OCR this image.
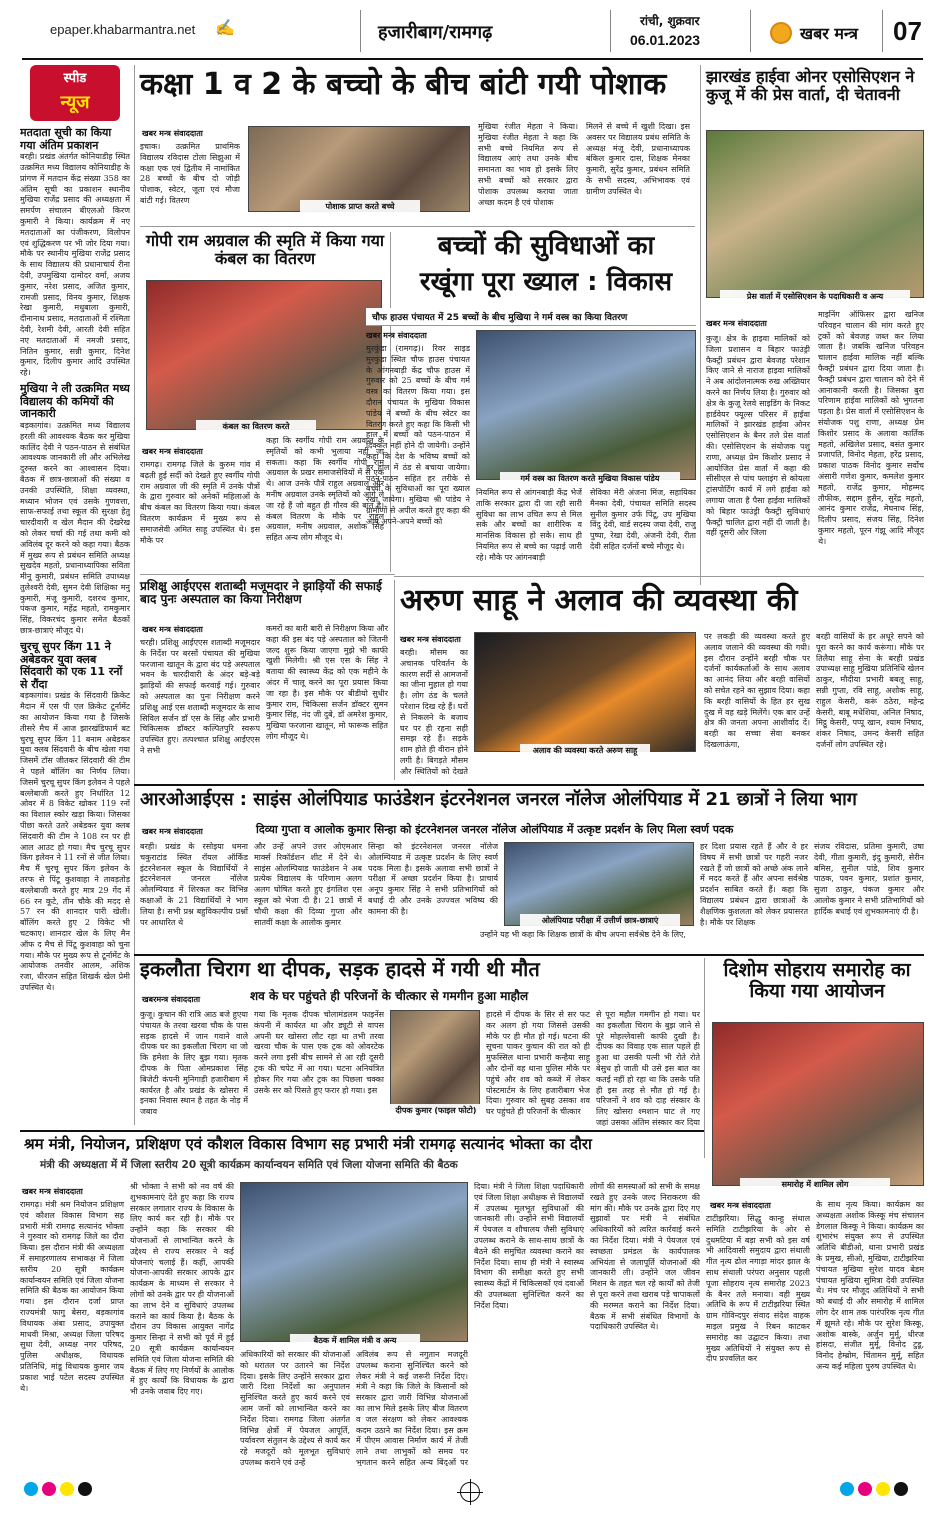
epaper.khabarmantra.net ✍	हजारीबाग/रामगढ़
रांची, शुक्रवार
06.01.2023	खबर मन्त्र 07
स्पीड
न्यूज
मतदाता सूची का किया गया अंतिम प्रकाशन
बरही। प्रखंड अंतर्गत कोनियाडीह स्थित उत्क्रमित मध्य विद्यालय कोनियाडीह के प्रांगण में मतदान केंद्र संख्या 358 का अंतिम सूची का प्रकाशन स्थानीय मुखिया राजेंद्र प्रसाद की अध्यक्षता में समर्पण संचालन बीएलओ किरण कुमारी ने किया। कार्यक्रम में नए मतदाताओं का पंजीकरण, विलोपन एवं शुद्धिकरण पर भी जोर दिया गया। मौके पर स्थानीय मुखिया राजेंद्र प्रसाद के साथ विद्यालय की प्रधानाचार्य रीना देवी, उपमुखिया दामोदर वर्मा, अजय कुमार, नरेश प्रसाद, अजित कुमार, रामजी प्रसाद, विनय कुमार, शिक्षक रेखा कुमारी, मधुबाला कुमारी, दीनानाथ प्रसाद, मतदाताओं में रश्मिता देवी, रेशमी देवी, आरती देवी सहित नए मतदाताओं में नमजी प्रसाद, नितिन कुमार, सन्नी कुमार, दिनेश कुमार, दिलीप कुमार आदि उपस्थित रहे।
मुखिया ने ली उत्क्रमित मध्य विद्यालय की कमियों की जानकारी
बड़कागांव। उत्क्रमित मध्य विद्यालय हरली की आवश्यक बैठक कर मुखिया कालिंद देवी ने पठन-पाठन से संबंधित आवश्यक जानकारी ली और अभिलेख दुरुस्त करने का आश्वासन दिया। बैठक में छात्र-छात्राओं की संख्या व उनकी उपस्थिति, शिक्षा व्यवस्था, मध्यान भोजन एवं उसके गुणवत्ता, साफ-सफाई तथा स्कूल की सुरक्षा हेतु चारदीवारी व खेल मैदान की देखरेख को लेकर चर्चा की गई तथा कमी को अविलंब दूर करने को कहा गया। बैठक में मुख्य रूप से प्रबंधन समिति अध्यक्ष सुखदेव महतो, प्रधानाध्यापिका सविता मीनू कुमारी, प्रबंधन समिति उपाध्यक्ष तुलेश्वरी देवी, सुमन देवी शिक्षिका मनु कुमारी, मंजू कुमारी, दशरथ कुमार, पंकज कुमार, महेंद्र महतो, रामकुमार सिंह, विकरचंद कुमार समेत बैठकों छात्र-छात्राएं मौजूद थे।
चुरचू सुपर किंग 11 ने अबेडकर युवा क्लब सिंदवारी को एक 11 रनों से रौंदा
बड़कागांव। प्रखंड के सिंदवारी क्रिकेट मैदान में एस पी एल क्रिकेट टूर्नामेंट का आयोजन किया गया है जिसके तीसरे मैच में आज झारखंडिफार्म बट चुरचू सुपर किंग 11 बनाम अबेडकर युवा क्लब सिंदवारी के बीच खेला गया जिसमें टॉस जीतकर सिंदवारी की टीम ने पहले बॉलिंग का निर्णय लिया। जिसमें चुरचू सुपर किंग इलेवन ने पहले बल्लेबाजी करते हुए निर्धारित 12 ओवर में 8 विकेट खोकर 119 रनों का विशाल स्कोर खड़ा किया। जिसका पीछा करते उतरे अबेडकर युवा क्लब सिंदवारी की टीम ने 108 रन पर ही आल आउट हो गया। मैच चुरचू सुपर किंग इलेवन ने 11 रनों से जीत लिया। मैच मैं चुरचू सुपर किंग इलेवन के तरफ से पिंटू कुशवाहा ने तावड़तोड़ बल्लेबाजी करते हुए मात्र 29 गेंद में 66 रन कूटे, तीन चौके की मदद से 57 रन की शानदार पारी खेली। बॉलिंग करते हुए 2 विकेट भी चटकाए। शानदार खेल के लिए मैन ऑफ द मैच से पिंटू कुशवाहा को चुना गया। मौके पर मुख्य रूप से टूर्नामेंट के आयोजक तनवीर आलम, अशिक रजा, धीरजन सहित शिखर्क खेल प्रेमी उपस्थित थे।
कक्षा 1 व 2 के बच्चो के बीच बांटी गयी पोशाक
खबर मन्त्र संवाददाता
इचाक। उत्क्रमित प्राथमिक विद्यालय रविदास टोला सिझुआ में कक्षा एक एवं द्वितीय में नामांकित 28 बच्चों के बीच दो जोड़ी पोशाक, स्वेटर, जूता एवं मौजा बांटी गई। वितरण
पोशाक प्राप्त करते बच्चे
मुखिया रंजीत मेहता ने किया। मुखिया रंजीत मेहता ने कहा कि सभी बच्चे नियमित रूप से विद्यालय आएं तथा उनके बीच समानता का भाव हो इसके लिए सभी बच्चों को सरकार द्वारा पोशाक उपलब्ध कराया जाता अच्छा कदम है एवं पोशाक
मिलने से बच्चे में खुशी दिखा। इस अवसर पर विद्यालय प्रबंध समिति के अध्यक्ष मंजू देवी, प्रधानाध्यापक बंकिल कुमार दास, शिक्षक मेनका कुमारी, सुरेंद्र कुमार, प्रबंधन समिति के सभी सदस्य, अभिभावक एवं ग्रामीण उपस्थित थे।
गोपी राम अग्रवाल की स्मृति में किया गया कंबल का वितरण
कंबल का वितरण करते
खबर मन्त्र संवाददाता
रामगढ़। रामगढ़ जिले के कुरुम गांव में बढ़ती हुई सर्दी को देखते हुए स्वर्गीय गोपी राम अग्रवाल जी की स्मृति में उनके पौत्रों के द्वारा गुरुवार को अनेकों महिलाओं के बीच कंबल का वितरण किया गया। कंबल वितरण कार्यक्रम में मुख्य रूप से समाजसेवी अमित साहू उपस्थित थे। इस मौके पर
कहा कि स्वर्गीय गोपी राम अग्रवाल के स्मृतियों को कभी भुलाया नहीं जा सकता। कहा कि स्वर्गीय गोपी राम अग्रवाल के प्रखर समाजसेवियों में से एक थे। आज उनके पौत्रें राहुल अग्रवाल और मनीष अग्रवाल उनके स्मृतियों को आगे ले जा रहे हैं जो बहुत ही गौरव की बात है। कंबल वितरण के मौके पर राहुल अग्रवाल, मनीष अग्रवाल, अशोक सिंह सहित अन्य लोग मौजूद थे।
बच्चों की सुविधाओं का
रखूंगा पूरा ख्याल : विकास
चौफ हाउस पंचायत में 25 बच्चों के बीच मुखिया ने गर्म वस्त्र का किया वितरण
खबर मन्त्र संवाददाता
मुरकुंडा (रामगढ़)। रिवर साइड मुरकुंडा स्थित चौफ हाउस पंचायत के आंगनबाड़ी केंद्र चौफ हाउस में गुरुवार को 25 बच्चों के बीच गर्म वस्त्र का वितरण किया गया। इस दौरान पंचायत के मुखिया विकास पांडेय ने बच्चों के बीच स्वेटर का वितरण करते हुए कहा कि किसी भी हाल में बच्चों को पठन-पाठन में दिक्कत नहीं होने दी जायेगी। उन्होंने कहा कि देश के भविष्य बच्चों को हर हाल में ठंड से बचाया जायेगा। पठन-पाठन सहित हर तरीके से बच्चों के सुविधाओं का पूरा ख्याल रखा जायेगा। मुखिया श्री पांडेय ने ग्रामीणों से अपील करते हुए कहा की आप अपने-अपने बच्चों को
गर्म वस्त्र का वितरण करते मुखिया विकास पांडेय
नियमित रूप से आंगनबाड़ी केंद्र भेजें ताकि सरकार द्वारा दी जा रही सारी सुविधा का लाभ उचित रूप से मिल सके और बच्चों का शारीरिक व मानसिक विकास हो सके। साथ ही नियमित रूप से बच्चे का पढ़ाई जारी रहे। मौके पर आंगनबाड़ी
सेविका मेरी अंजना मिंज, सहायिका मैनका देवी, पंचायत समिति सदस्य सुनील कुमार उर्फ पिंटू, उप मुखिया विंदु देवी, वार्ड सदस्य जया देवी, राजु पुष्पा, रेखा देवी, अंजनी देवी, रीता देवी सहित दर्जनों बच्चे मौजूद थे।
झारखंड हाईवा ओनर एसोसिएशन ने कुजू में की प्रेस वार्ता, दी चेतावनी
प्रेस वार्ता में एसोसिएशन के पदाधिकारी व अन्य
खबर मन्त्र संवाददाता
कुजू। क्षेत्र के हाइवा मालिकों को जिला प्रशासन व बिहार फाउंड्री फैक्ट्री प्रबंधन द्वारा बेवजह परेशान किए जाने से नाराज हाइवा मालिकों ने अब आंदोलनात्मक रुख अख्तियार करने का निर्णय लिया है। गुरुवार को क्षेत्र के कुजू रेलवे साइडिंग के निकट हार्डवेयर फ्यूल्स परिसर में हाईवा मालिकों ने झारखंड हाईवा ओनर एसोसिएशन के बैनर तले प्रेस वार्ता की। एसोसिएशन के संयोजक पशु राणा, अध्यक्ष प्रेम किशोर प्रसाद ने आयोजित प्रेस वार्ता में कहा की सीसीएल से पांच फ्लाइंग से कोयला ट्रांसपोर्टिंग कार्य में लगे हाईवा को लगाया जाता है पैसा हाईवा मालिकों को बिहार फाउंड्री फैक्ट्री सुविधाएं फैक्ट्री चालित द्वारा नहीं दी जाती है। वहीं दूसरी ओर जिला
माइनिंग ऑफिसर द्वारा खनिज परिवहन चालान की मांग करते हुए ट्रकों को बेवजह जब्त कर लिया जाता है। जबकि खनिज परिवहन चालान हाईवा मालिक नहीं बल्कि फैक्ट्री प्रबंधन द्वारा दिया जाता है। फैक्ट्री प्रबंधन द्वारा चालान को देने में आनाकानी करती है। जिसका बुरा परिणाम हाईवा मालिकों को भुगतना पड़ता है। प्रेस वार्ता में एसोसिएशन के संयोजक पशु राणा, अध्यक्ष प्रेम किशोर प्रसाद के अलावा कार्तिक महतो, अखिलेश प्रसाद, बसंत कुमार प्रजापति, विनोद मेहता, हरेंद्र प्रसाद, प्रकाश पाठक विनोद कुमार सर्वोच अंसारी गणेश कुमार, कमलेश कुमार महतो, राजेंद्र कुमार, मोहम्मद तौफीक, सद्दाम हुसैन, सुरेंद्र महतो, आनंद कुमार राजेंद्र, मेघनाथ सिंह, दिलीप प्रसाद, संजय सिंह, दिनेश कुमार महतो, पूरन गंझू आदि मौजूद थे।
प्रशिक्षु आईएएस शताब्दी मजूमदार ने झाड़ियों की सफाई बाद पुनः अस्पताल का किया निरीक्षण
खबर मन्त्र संवाददाता
चरही। प्रशिक्षु आईएएस शताब्दी मजूमदार के निर्देश पर बरसों पंचायत की मुखिया फरजाना खातून के द्वारा बंद पड़े अस्पताल भवन के चारदीवारी के अंदर बड़े-बड़े झाड़ियों की सफाई करवाई गई। गुरुवार को अस्पताल का पुनः निरीक्षण करने प्रशिक्षु आई एस शताब्दी मजूमदार के साथ सिविल सर्जन डॉ एस के सिंह और प्रभारी चिकित्सक डॉक्टर कल्पितपुरि स्वरूप उपस्थित हुए। तत्पश्चात प्रशिक्षु आईएएस ने सभी
कमरों का बारी बारी से निरीक्षण किया और कहा की इस बंद पड़े अस्पताल को जितनी जल्द शुरू किया जाएगा मुझे भी काफी खुशी मिलेगी। श्री एस एस के सिंह ने बताया की स्वास्थ्य केंद्र को एक महीने के अंदर में चालू करने का पूरा प्रयास किया जा रहा है। इस मौके पर बीडीयो सुधीर कुमार राम, चिकित्सा सर्जन डॉक्टर सुमन कुमार सिंह, नंद जी दुबे, डॉ अमरेश कुमार, मुखिया फरजाना खातून, मो फारूक सहित लोग मौजूद थे।
अरुण साहू ने अलाव की व्यवस्था की
खबर मन्त्र संवाददाता
बरही। मौसम का अचानक परिवर्तन के कारण सर्दी से आमजनों का जीना मुहाल हो गया है। लोग ठंड के चलते परेशान दिख रहे हैं। घरों से निकलने के बजाय घर पर ही रहना सही समझ रहे हैं। सड़के शाम होते ही वीरान होने लगी है। बिगड़ते मौसम और स्थितियों को देखते
अलाव की व्यवस्था करते अरुण साहू
पर लकड़ी की व्यवस्था करते हुए अलाव जलाने की व्यवस्था की गयी। इस दौरान उन्होंने बरही चौक पर दर्जनों कार्यकर्ताओं के साथ अलाव का आनंद लिया और बरही वासियों को सचेत रहने का सुझाव दिया। कहा कि बरही वासियों के हित हर सुख दुख में वह खड़े मिलेंगे। एक बार उन्हें क्षेत्र की जनता अपना आशीर्वाद दें। बरही का सच्चा सेवा बनकर दिखलाऊंगा,
बरही वासियों के हर अधूरे सपने को पूरा करने का कार्य करूंगा। मौके पर तिलैया साहू सेना के बरही प्रखंड उपाध्यक्ष साहू मुखिया प्रतिनिधि खेलन ठाकुर, मौदीया प्रभारी बबलू साहू, सन्नी गुप्ता, रवि साहू, अशोक साहू, राहुल केसरी, करूं ठठेरा, महेन्द्र केसरी, बाबू मधेशिया, अनिल निषाद, मिट्ठू केसरी, पप्पू खान, श्याम निषाद, शंकर निषाद, उमन्द केसरी सहित दर्जनों लोग उपस्थित रहे।
आरओआईएस : साइंस ओलंपियाड फाउंडेशन इंटरनेशनल जनरल नॉलेज ओलंपियाड में 21 छात्रों ने लिया भाग
खबर मन्त्र संवाददाता	दिव्या गुप्ता व आलोक कुमार सिन्हा को इंटरनेशनल जनरल नॉलेज ओलंपियाड में उत्कृष्ट प्रदर्शन के लिए मिला स्वर्ण पदक
बरही। प्रखंड के रसोइया धमना चकुराटांड स्थित रॉयल ऑर्किड इंटरनेशनल स्कूल के विद्यार्थियों ने इंटरनेशनल जनरल नॉलेज ओलम्पियाड में शिरकत कर विभिन्न कक्षाओं के 21 विद्यार्थियों ने भाग लिया है। सभी प्रश्न बहुविकल्पीय प्रश्नों पर आधारित थे
और उन्हें अपने उत्तर ओएमआर मार्क्स रिकॉर्डशन शीट में देने थे। साइंस ओलम्पियाड फाउंडेशन ने अब प्रत्येक विद्यालय के परिणाम अलग अलग घोषित करते हुए इंगलिश एस स्कूल को भेजा दी है। 21 छात्रों में चौथी कक्षा की दिव्या गुप्ता और सातवीं कक्षा के आलोक कुमार
सिन्हा को इंटरनेशनल जनरल नॉलेज ओलम्पियाड में उत्कृष्ट प्रदर्शन के लिए स्वर्ण पदक मिला है। इसके अलावा सभी छात्रों ने परीक्षा में अच्छा प्रदर्शन किया है। प्राचार्य अनूप कुमार सिंह ने सभी प्रतिभागियों को बधाई दी और उनके उज्ज्वल भविष्य की कामना की है।
ओलंपियाड परीक्षा में उत्तीर्ण छात्र-छात्राएं
उन्होंने यह भी कहा कि शिक्षक छात्रों के बीच अपना सर्वश्रेष्ठ देने के लिए,
हर दिशा प्रयास रहते हैं और वे हर विषय में सभी छात्रों पर गहरी नजर रखते हैं जो छात्रों को अच्छे अंक लाने में मदद करते हैं और अपना सर्वश्रेष्ठ प्रदर्शन साबित करते हैं। कहा कि विद्यालय प्रबंधन द्वारा छात्राओं के शैक्षणिक कुशलता को लेकर प्रयासरत है। मौके पर शिक्षक
संजय रविदास, प्रतिमा कुमारी, उषा देवी, गीता कुमारी, इंदु कुमारी, सेरीन बमिस, सुनील पांडे, शिव कुमार पाठक, पवन कुमार, प्रशांत कुमार, सुजा ठाकुर, पंकज कुमार और आलोक कुमार ने सभी प्रतिभागियों को हार्दिक बधाई एवं शुभकामनाएं दी है।
इकलौता चिराग था दीपक, सड़क हादसे में गयी थी मौत
खबरमन्त्र संवाददाता	शव के घर पहुंचते ही परिजनों के चीत्कार से गमगीन हुआ माहौल
कुजू। कुचान की रात्रि आठ बजे हुएया पंचायत के तरवा खरवा चौक के पास सड़क हादसे में जान गवाने वाले दीपक घर का इकलौता चिराग था जो कि हमेशा के लिए बुझ गया। मृतक दीपक के पिता ओमप्रकाश सिंह बिजेटी कंपनी मुनिगाड़ी हजारीबाग में कार्यरत है और प्रखंड के खोसरा में इनका निवास स्थान है तहत के नोड़ में जबाव
गया कि मृतक दीपक चोलामंडलम फाइनेंस कंपनी में कार्यरत था और ड्यूटी से वापस अपनी घर खोसरा लौट रहा था तभी तरवा खरवा चौक के पास एक ट्रक को ओवरटेक करने लगा इसी बीच सामने से आ रही दूसरी ट्रक की चपेट में आ गया। घटना अनियंत्रित होकर गिर गया और ट्रक का पिछला चक्का उसके सर को पिसते हुए फरार हो गया। इस
दीपक कुमार (फाइल फोटो)
हादसे में दीपक के सिर से सर फट कर अलग हो गया जिससे उसकी मौके पर ही मौत हो गई। घटना की सूचना पाकर कुचान की रात को ही मुफस्सिल थाना प्रभारी कन्हैया साहू और दोनों वह थाना पुलिस मौके पर पहुंचे और शव को कब्जे में लेकर पोस्टमार्टम के लिए हजारीबाग भेज दिया। गुरुवार को सुबह उसका शव घर पहुंचते ही परिजनों के चीत्कार
से पूरा महौल गमगीन हो गया। घर का इकलौता चिराग के बुझ जाने से पूरे मोहल्लेवासी काफी दुखी है। दीपक का विवाह एक साल पहले ही हुआ था उसकी पत्नी भी रोते रोते बेसुध हो जाती थी उसे इस बात का कतई नहीं हो रहा था कि उसके पति ही इस तरह से मौत हो गई है। परिजनों ने शव को दाह संस्कार के लिए खोसरा श्मशान घाट ले गए जहां उसका अंतिम संस्कार कर दिया
दिशोम सोहराय समारोह का किया गया आयोजन
समारोह में शामिल लोग
खबर मन्त्र संवाददाता
टाटीझरिया। सिद्धु कान्हु संथाल समिति टाटीझरिया के ओर से दुधमटिया में बड़ा सभी को इस वर्ष भी आदिवासी समुदाय द्वारा संथाली गीत नृत्य ढोल नगाड़ा मांदर झाल के साथ संथाली परंपरा अनुसार पहली पूजा सोहराय नृत्य समारोह 2023 के बैनर तले मनाया। वही मुख्य अतिथि के रूप में टाटीझरिया स्थित ग्राम गोविन्दपुर संवाद संदेश वाहक माइल प्रमुख ने रिबन काटकर समारोह का उद्घाटन किया। तथा मुख्य अतिथियों ने संयुक्त रूप से दीप प्रज्वलित कर
के साथ नृत्य किया। कार्यक्रम का अध्यक्षता अशोक किस्कू मंच संचालन डेगलाल किस्कू ने किया। कार्यक्रम का शुभारंभ संयुक्त रूप से उपस्थित अतिथि बीडीओ, थाना प्रभारी प्रखंड के प्रमुख, सीओ, मुखिया, टाटीझरिया पंचायत मुखिया सुरेश यादव बेडम पंचायत मुखिया सुमित्रा देवी उपस्थित थे। मंच पर मौजूद अतिथियों ने सभी को बधाई दी और समारोह में शामिल लोग देर शाम तक पारंपरिक नृत्य गीत में झूमते रहे। मौके पर सुरेश किस्कू, अशोक बास्के, अर्जुन मुर्मू, धीरज हांसदा, संजीत मुर्मू, विनोद टुडू, विनोद हेम्ब्रोम, चिंतामन मुर्मू, सहित अन्य कई महिला पुरुष उपस्थित थे।
श्रम मंत्री, नियोजन, प्रशिक्षण एवं कौशल विकास विभाग सह प्रभारी मंत्री रामगढ़ सत्यानंद भोक्ता का दौरा
मंत्री की अध्यक्षता में में जिला स्तरीय 20 सूत्री कार्यक्रम कार्यान्वयन समिति एवं जिला योजना समिति की बैठक
खबर मन्त्र संवाददाता
रामगढ़। मंत्री श्रम नियोजन प्रशिक्षण एवं कौशल विकास विभाग सह प्रभारी मंत्री रामगढ़ सत्यानंद भोक्ता ने गुरुवार को रामगढ़ जिले का दौरा किया। इस दौरान मंत्री की अध्यक्षता में समाहरणालय सभाकक्ष में जिला स्तरीय 20 सूत्री कार्यक्रम कार्यान्वयन समिति एवं जिला योजना समिति की बैठक का आयोजन किया गया। इस दौरान दर्जा प्राप्त राज्यमंत्री फागु बेसरा, बड़कागांव विधायक अंबा प्रसाद, उपायुक्त माधवी मिश्रा, अध्यक्ष जिला परिषद सुधा देवी, अध्यक्ष नगर परिषद, पुलिस अधीक्षक, विधायक प्रतिनिधि, मांडू विधायक कुमार जय प्रकाश भाई पटेल सदस्य उपस्थित थे।
श्री भोक्ता ने सभी को नव वर्ष की शुभकामनाएं देते हुए कहा कि राज्य सरकार लगातार राज्य के विकास के लिए कार्य कर रही है। मौके पर उन्होंने कहा कि सरकार की योजनाओं से लाभान्वित करने के उद्देश्य से राज्य सरकार ने कई योजनाएं चलाई हैं। कहीं, आपकी योजना-आपकी सरकार आपके द्वार कार्यक्रम के माध्यम से सरकार ने लोगों को उनके द्वार पर ही योजनाओं का लाभ देने व सुविधाएं उपलब्ध कराने का कार्य किया है। बैठक के दौरान उप विकास आयुक्त नागेंद्र कुमार सिन्हा ने सभी को पूर्व में हुई 20 सूत्री कार्यक्रम कार्यान्वयन समिति एवं जिला योजना समिति की बैठक में लिए गए निर्णयों के आलोक में हुए कार्यों कि विधायक के द्वारा भी उनके जवाब दिए गए।
बैठक में शामिल मंत्री व अन्य
अधिकारियों को सरकार की योजनाओं को धरातल पर उतारने का निर्देश दिया। इसके लिए उन्होंने सरकार द्वारा जारी दिशा निर्देशों का अनुपालन सुनिश्चित करते हुए कार्य करने एवं आम जनों को लाभान्वित करने का निर्देश दिया। रामगढ़ जिला अंतर्गत विभिन्न क्षेत्रों में पेयजल आपूर्ति, पर्यावरण संतुलन के उद्देश्य से कार्य कर रहे मजदूरों को मूलभूत सुविधाएं उपलब्ध कराने एवं उन्हें
अविलंब रूप से नगुतान मजदूरी उपलब्ध कराना सुनिश्चित करने को लेकर मंत्री ने कई जरूरी निर्देश दिए। मंत्री ने कहा कि जिले के किसानों को सरकार द्वारा जारी विभिन्न योजनाओं का लाभ मिले इसके लिए बीज वितरण व जल संरक्षण को लेकर आवश्यक कदम उठाने का निर्देश दिया। इस क्रम में पीएम आवास निर्माण कार्य में तेजी लाने तथा लाभुकों को समय पर भुगतान करने सहित अन्य बिंदुओं पर
दिया। मंत्री ने जिला शिक्षा पदाधिकारी एवं जिला शिक्षा अधीक्षक से विद्यालयों में उपलब्ध मूलभूत सुविधाओं की जानकारी ली। उन्होंने सभी विद्यालयों में पेयजल व शौचालय जैसी सुविधाएं उपलब्ध कराने के साथ-साथ छात्रों के बैठने की समुचित व्यवस्था कराने का निर्देश दिया। साथ ही मंत्री ने स्वास्थ्य विभाग की समीक्षा करते हुए सभी स्वास्थ्य केंद्रों में चिकित्सकों एवं दवाओं की उपलब्धता सुनिश्चित करने का निर्देश दिया।
लोगों की समस्याओं को सभी के समक्ष रखते हुए उनके जल्द निराकरण की मांग की। मौके पर उनके द्वारा दिए गए सुझावों पर मंत्री ने संबंधित अधिकारियों को त्वरित कार्रवाई करने का निर्देश दिया। मंत्री ने पेयजल एवं स्वच्छता प्रमंडल के कार्यपालक अभियंता से जलापूर्ति योजनाओं की जानकारी ली। उन्होंने जल जीवन मिशन के तहत चल रहे कार्यों को तेजी से पूरा करने तथा खराब पड़े चापाकलों की मरम्मत कराने का निर्देश दिया। बैठक में सभी संबंधित विभागों के पदाधिकारी उपस्थित थे।
